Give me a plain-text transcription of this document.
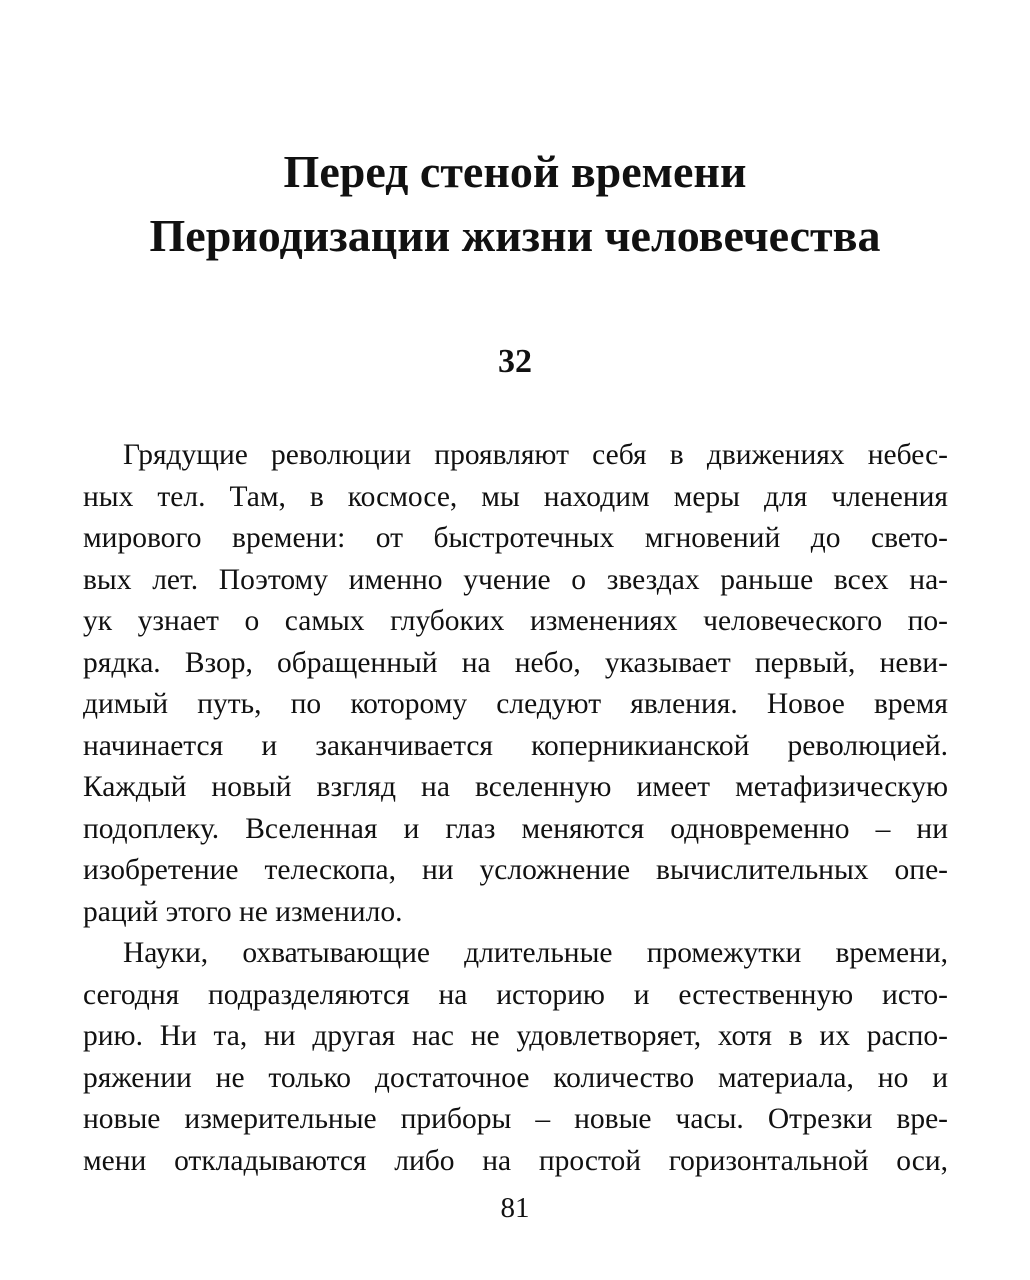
Перед стеной времени
Периодизации жизни человечества
32
Грядущие революции проявляют себя в движениях небес-
ных тел. Там, в космосе, мы находим меры для членения
мирового времени: от быстротечных мгновений до свето-
вых лет. Поэтому именно учение о звездах раньше всех на-
ук узнает о самых глубоких изменениях человеческого по-
рядка. Взор, обращенный на небо, указывает первый, неви-
димый путь, по которому следуют явления. Новое время
начинается и заканчивается коперникианской революцией.
Каждый новый взгляд на вселенную имеет метафизическую
подоплеку. Вселенная и глаз меняются одновременно – ни
изобретение телескопа, ни усложнение вычислительных опе-
раций этого не изменило.
Науки, охватывающие длительные промежутки времени,
сегодня подразделяются на историю и естественную исто-
рию. Ни та, ни другая нас не удовлетворяет, хотя в их распо-
ряжении не только достаточное количество материала, но и
новые измерительные приборы – новые часы. Отрезки вре-
мени откладываются либо на простой горизонтальной оси,
81
